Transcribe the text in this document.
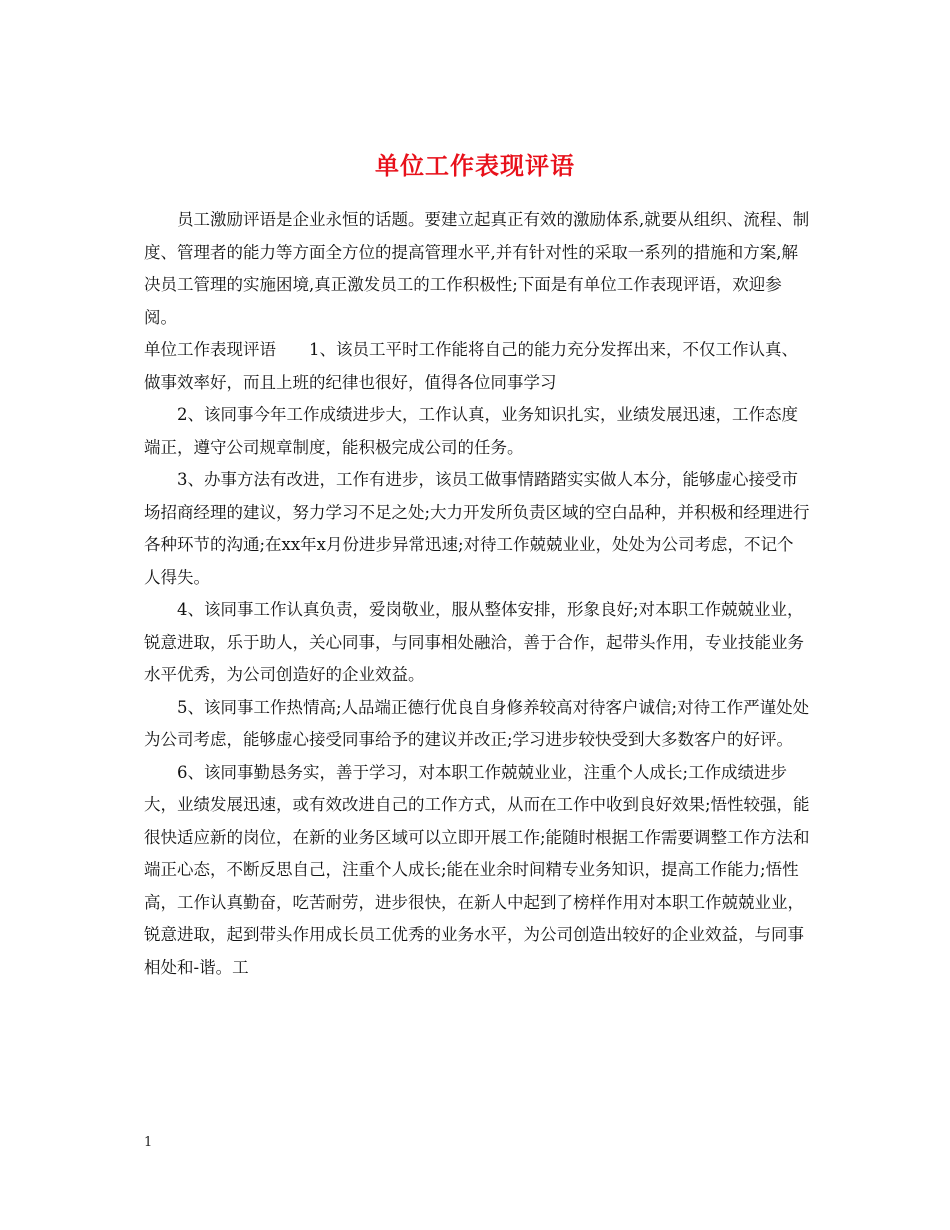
单位工作表现评语

员工激励评语是企业永恒的话题。要建立起真正有效的激励体系,就要从组织、流程、制度、管理者的能力等方面全方位的提高管理水平,并有针对性的采取一系列的措施和方案,解决员工管理的实施困境,真正激发员工的工作积极性;下面是有单位工作表现评语，欢迎参阅。

单位工作表现评语　　1、该员工平时工作能将自己的能力充分发挥出来，不仅工作认真、做事效率好，而且上班的纪律也很好，值得各位同事学习

2、该同事今年工作成绩进步大，工作认真，业务知识扎实，业绩发展迅速，工作态度端正，遵守公司规章制度，能积极完成公司的任务。

3、办事方法有改进，工作有进步，该员工做事情踏踏实实做人本分，能够虚心接受市场招商经理的建议，努力学习不足之处;大力开发所负责区域的空白品种，并积极和经理进行各种环节的沟通;在xx年x月份进步异常迅速;对待工作兢兢业业，处处为公司考虑，不记个人得失。

4、该同事工作认真负责，爱岗敬业，服从整体安排，形象良好;对本职工作兢兢业业，锐意进取，乐于助人，关心同事，与同事相处融洽，善于合作，起带头作用，专业技能业务水平优秀，为公司创造好的企业效益。

5、该同事工作热情高;人品端正德行优良自身修养较高对待客户诚信;对待工作严谨处处为公司考虑，能够虚心接受同事给予的建议并改正;学习进步较快受到大多数客户的好评。

6、该同事勤恳务实，善于学习，对本职工作兢兢业业，注重个人成长;工作成绩进步大，业绩发展迅速，或有效改进自己的工作方式，从而在工作中收到良好效果;悟性较强，能很快适应新的岗位，在新的业务区域可以立即开展工作;能随时根据工作需要调整工作方法和端正心态，不断反思自己，注重个人成长;能在业余时间精专业务知识，提高工作能力;悟性高，工作认真勤奋，吃苦耐劳，进步很快，在新人中起到了榜样作用对本职工作兢兢业业，锐意进取，起到带头作用成长员工优秀的业务水平，为公司创造出较好的企业效益，与同事相处和-谐。工

1
